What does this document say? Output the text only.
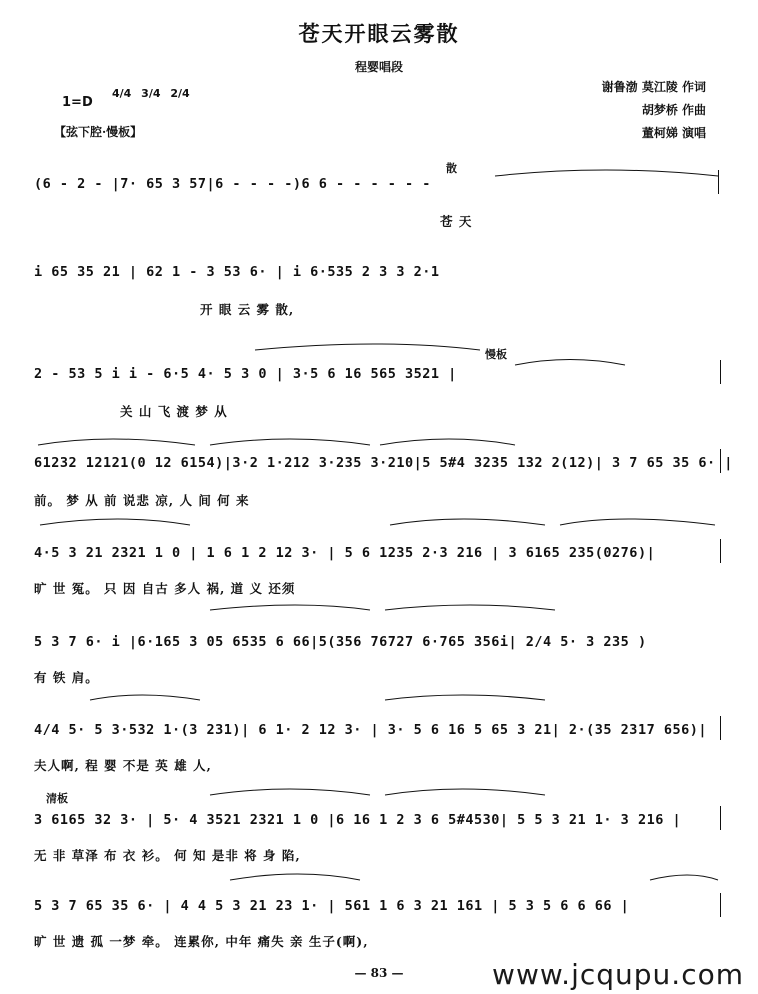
苍天开眼云雾散
程婴唱段
谢鲁渤 莫江陵 作词
胡梦桥 作曲
董柯娣 演唱
1=D
4/4 3/4 2/4
【弦下腔·慢板】
散
(6 - 2 - |7· 65 3 57|6 - - - -)6 6 - - - - - -
苍 天
i 65 35 21 | 62 1 - 3 53 6· | i 6·535 2 3 3 2·1
开 眼 云 雾 散,
慢板
2 - 53 5 i i - 6·5 4· 5 3 0 | 3·5 6 16 565 3521 |
关 山 飞 渡 梦 从
61232 12121(0 12 6154)|3·2 1·212 3·235 3·210|5 5#4 3235 132 2(12)| 3 7 65 35 6· |
前。 梦 从 前 说悲 凉, 人 间 何 来
4·5 3 21 2321 1 0 | 1 6 1 2 12 3· | 5 6 1235 2·3 216 | 3 6165 235(0276)|
旷 世 冤。 只 因 自古 多人 祸, 道 义 还须
5 3 7 6· i |6·165 3 05 6535 6 66|5(356 76727 6·765 356i| 2/4 5· 3 235 )
有 铁 肩。
4/4 5· 5 3·532 1·(3 231)| 6 1· 2 12 3· | 3· 5 6 16 5 65 3 21| 2·(35 2317 656)|
夫人啊, 程 婴 不是 英 雄 人,
清板
3 6165 32 3· | 5· 4 3521 2321 1 0 |6 16 1 2 3 6 5#4530| 5 5 3 21 1· 3 216 |
无 非 草泽 布 衣 衫。 何 知 是非 将 身 陷,
5 3 7 65 35 6· | 4 4 5 3 21 23 1· | 561 1 6 3 21 161 | 5 3 5 6 6 66 |
旷 世 遗 孤 一梦 牵。 连累你, 中年 痛失 亲 生子(啊),
— 83 —	www.jcqupu.com
